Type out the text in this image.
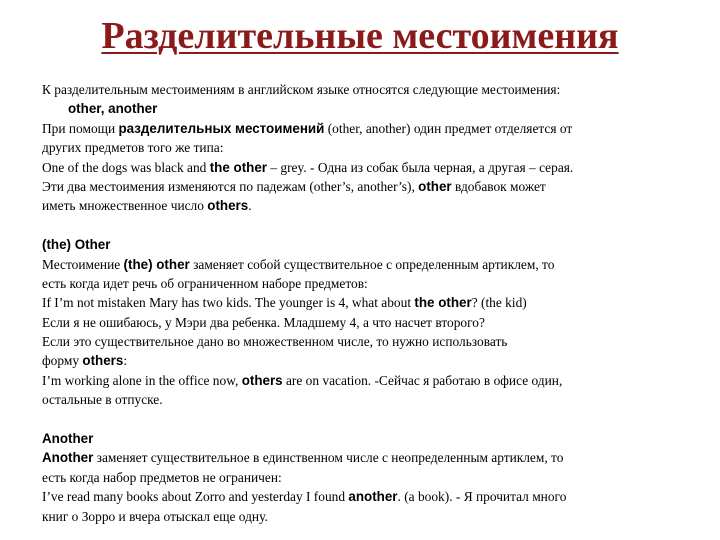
Разделительные местоимения
К разделительным местоимениям в английском языке относятся следующие местоимения:
other, another
При помощи разделительных местоимений (other, another) один предмет отделяется от
других предметов того же типа:
One of the dogs was black and the other – grey. - Одна из собак была черная, а другая – серая.
Эти два местоимения изменяются по падежам (other’s, another’s), other вдобавок может
иметь множественное число others.
(the) Other
Местоимение (the) other заменяет собой существительное с определенным артиклем, то
есть когда идет речь об ограниченном наборе предметов:
If I’m not mistaken Mary has two kids. The younger is 4, what about the other? (the kid)
Если я не ошибаюсь, у Мэри два ребенка. Младшему 4, а что насчет второго?
Если это существительное дано во множественном числе, то нужно использовать
форму others:
I’m working alone in the office now, others are on vacation. -Сейчас я работаю в офисе один,
остальные в отпуске.
Another
Another заменяет существительное в единственном числе с неопределенным артиклем, то
есть когда набор предметов не ограничен:
I’ve read many books about Zorro and yesterday I found another. (a book). - Я прочитал много
книг о Зорро и вчера отыскал еще одну.
